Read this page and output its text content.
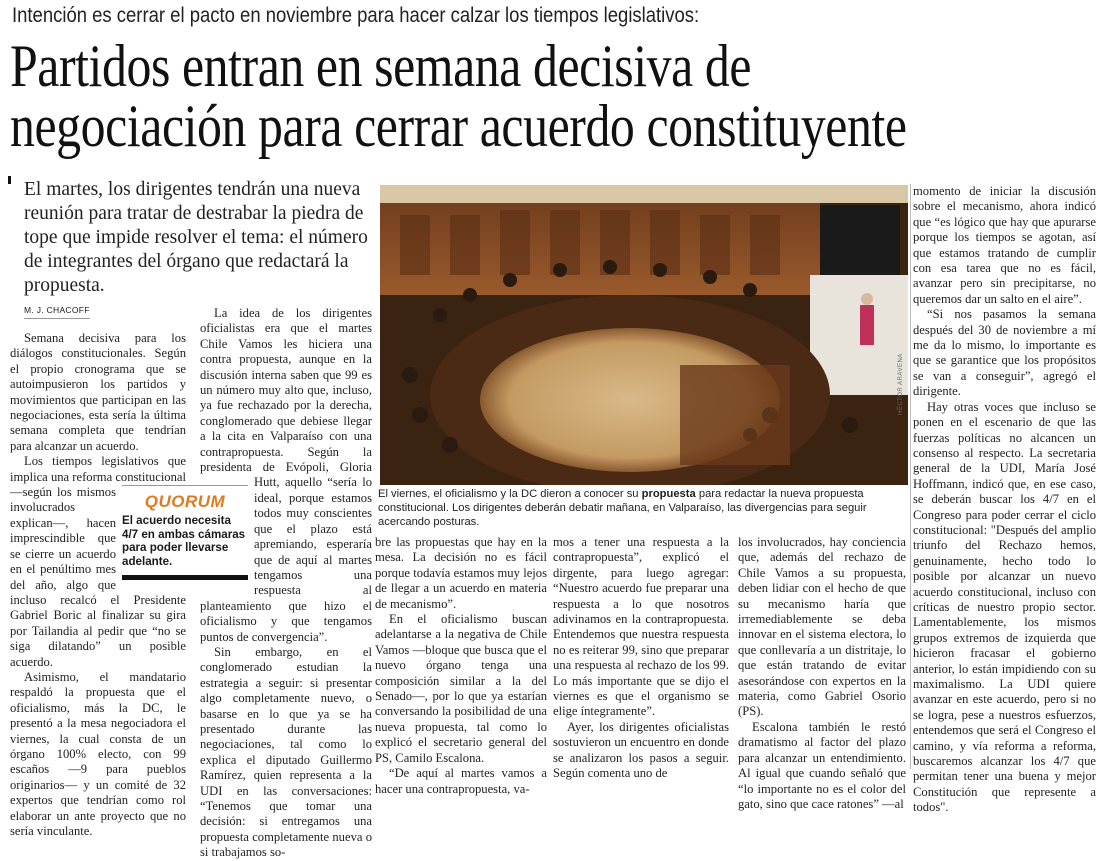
Intención es cerrar el pacto en noviembre para hacer calzar los tiempos legislativos:
Partidos entran en semana decisiva de
negociación para cerrar acuerdo constituyente
El martes, los dirigentes tendrán una nueva reunión para tratar de destrabar la piedra de tope que impide resolver el tema: el número de integrantes del órgano que redactará la propuesta.
M. J. CHACOFF

Semana decisiva para los diálogos constitucionales. Según el propio cronograma que se autoimpusieron los partidos y movimientos que participan en las negociaciones, esta sería la última semana completa que tendrían para alcanzar un acuerdo.

Los tiempos legislativos que implica una reforma constitucional —según los mismos involucrados explican—, hacen imprescindible que se cierre un acuerdo en el penúltimo mes del año, algo que incluso recalcó el Presidente Gabriel Boric al finalizar su gira por Tailandia al pedir que “no se siga dilatando” un posible acuerdo.

Asimismo, el mandatario respaldó la propuesta que el oficialismo, más la DC, le presentó a la mesa negociadora el viernes, la cual consta de un órgano 100% electo, con 99 escaños —9 para pueblos originarios— y un comité de 32 expertos que tendrían como rol elaborar un ante proyecto que no sería vinculante.

La idea de los dirigentes oficialistas era que el martes Chile Vamos les hiciera una contra propuesta, aunque en la discusión interna saben que 99 es un número muy alto que, incluso, ya fue rechazado por la derecha, conglomerado que debiese llegar a la cita en Valparaíso con una contrapropuesta. Según la presidenta de Evópoli, Gloria Hutt, aquello “sería lo ideal, porque estamos todos muy conscientes que el plazo está apremiando, esperaría que de aquí al martes tengamos una respuesta al planteamiento que hizo el oficialismo y que tengamos puntos de convergencia”.

Sin embargo, en el conglomerado estudian la estrategia a seguir: si presentar algo completamente nuevo, o basarse en lo que ya se ha presentado durante las negociaciones, tal como lo explica el diputado Guillermo Ramírez, quien representa a la UDI en las conversaciones: “Tenemos que tomar una decisión: si entregamos una propuesta completamente nueva o si trabajamos so-

QUORUM
El acuerdo necesita 4/7 en ambas cámaras para poder llevarse adelante.
HÉCTOR ARAVENA
El viernes, el oficialismo y la DC dieron a conocer su propuesta para redactar la nueva propuesta constitucional. Los dirigentes deberán debatir mañana, en Valparaíso, las divergencias para seguir acercando posturas.

bre las propuestas que hay en la mesa. La decisión no es fácil porque todavía estamos muy lejos de llegar a un acuerdo en materia de mecanismo”.

En el oficialismo buscan adelantarse a la negativa de Chile Vamos —bloque que busca que el nuevo órgano tenga una composición similar a la del Senado—, por lo que ya estarían conversando la posibilidad de una nueva propuesta, tal como lo explicó el secretario general del PS, Camilo Escalona.

“De aquí al martes vamos a hacer una contrapropuesta, va-

mos a tener una respuesta a la contrapropuesta”, explicó el dirgente, para luego agregar: “Nuestro acuerdo fue preparar una respuesta a lo que nosotros adivinamos en la contrapropuesta. Entendemos que nuestra respuesta no es reiterar 99, sino que preparar una respuesta al rechazo de los 99. Lo más importante que se dijo el viernes es que el organismo se elige íntegramente”.

Ayer, los dirigentes oficialistas sostuvieron un encuentro en donde se analizaron los pasos a seguir. Según comenta uno de

los involucrados, hay conciencia que, además del rechazo de Chile Vamos a su propuesta, deben lidiar con el hecho de que su mecanismo haría que irremediablemente se deba innovar en el sistema electora, lo que conllevaría a un distritaje, lo que están tratando de evitar asesorándose con expertos en la materia, como Gabriel Osorio (PS).

Escalona también le restó dramatismo al factor del plazo para alcanzar un entendimiento. Al igual que cuando señaló que “lo importante no es el color del gato, sino que cace ratones” —al

momento de iniciar la discusión sobre el mecanismo, ahora indicó que “es lógico que hay que apurarse porque los tiempos se agotan, así que estamos tratando de cumplir con esa tarea que no es fácil, avanzar pero sin precipitarse, no queremos dar un salto en el aire”.

“Si nos pasamos la semana después del 30 de noviembre a mí me da lo mismo, lo importante es que se garantice que los propósitos se van a conseguir”, agregó el dirigente.

Hay otras voces que incluso se ponen en el escenario de que las fuerzas políticas no alcancen un consenso al respecto. La secretaria general de la UDI, María José Hoffmann, indicó que, en ese caso, se deberán buscar los 4/7 en el Congreso para poder cerrar el ciclo constitucional: "Después del amplio triunfo del Rechazo hemos, genuinamente, hecho todo lo posible por alcanzar un nuevo acuerdo constitucional, incluso con críticas de nuestro propio sector. Lamentablemente, los mismos grupos extremos de izquierda que hicieron fracasar el gobierno anterior, lo están impidiendo con su maximalismo. La UDI quiere avanzar en este acuerdo, pero si no se logra, pese a nuestros esfuerzos, entendemos que será el Congreso el camino, y vía reforma a reforma, buscaremos alcanzar los 4/7 que permitan tener una buena y mejor Constitución que represente a todos".
